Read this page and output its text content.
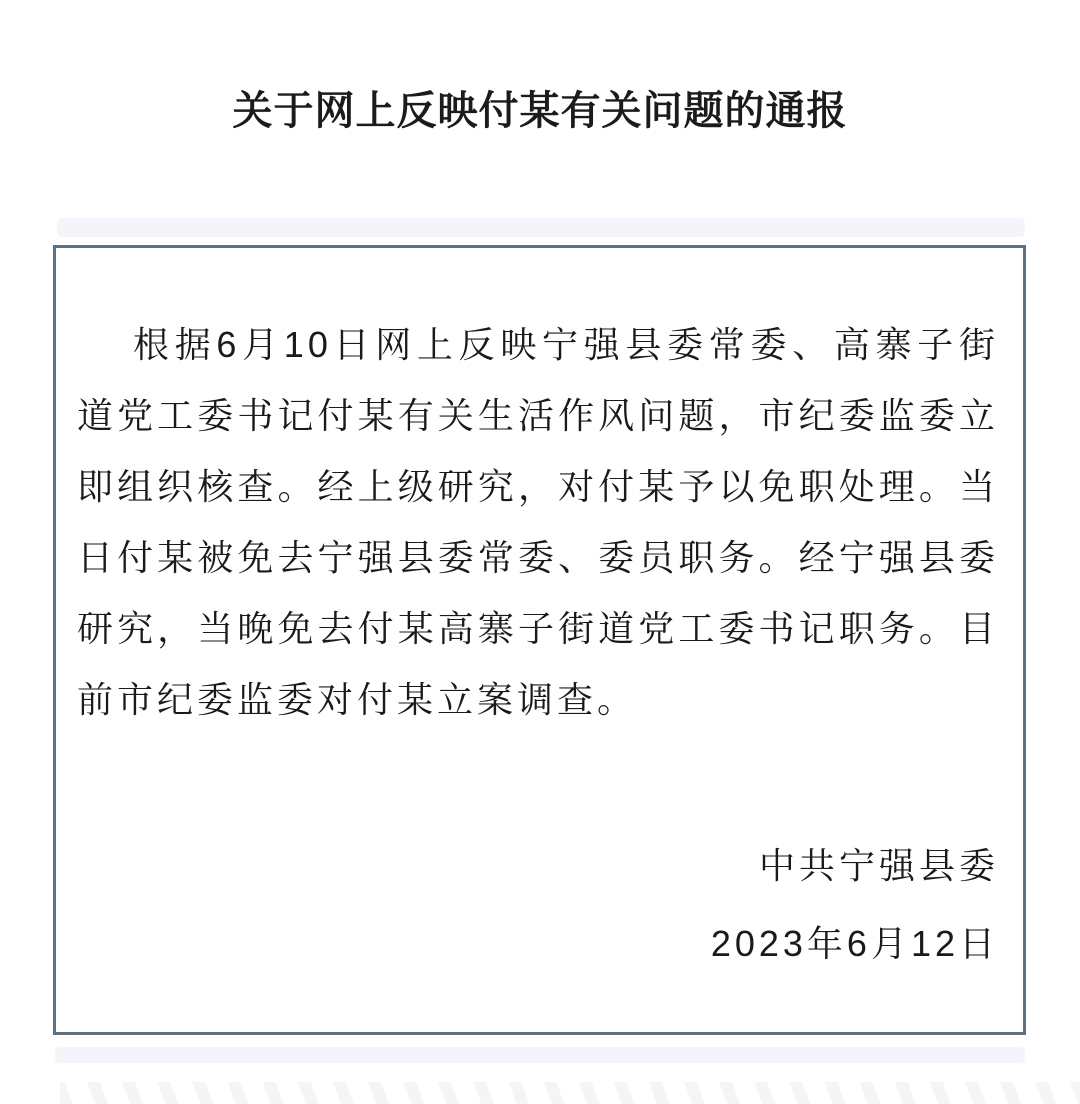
关于网上反映付某有关问题的通报
根据6月10日网上反映宁强县委常委、高寨子街
道党工委书记付某有关生活作风问题，市纪委监委立
即组织核查。经上级研究，对付某予以免职处理。当
日付某被免去宁强县委常委、委员职务。经宁强县委
研究，当晚免去付某高寨子街道党工委书记职务。目
前市纪委监委对付某立案调查。
中共宁强县委
2023年6月12日
